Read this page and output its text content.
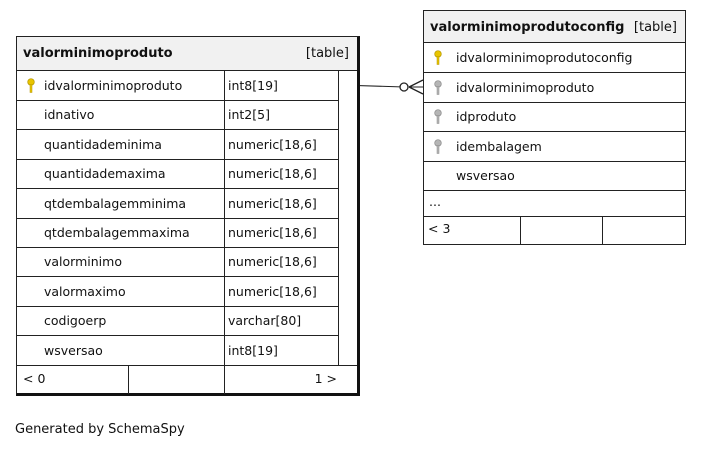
valorminimoproduto	[table]
idvalorminimoproduto	int8[19]
idnativo	int2[5]
quantidademinima	numeric[18,6]
quantidademaxima	numeric[18,6]
qtdembalagemminima	numeric[18,6]
qtdembalagemmaxima	numeric[18,6]
valorminimo	numeric[18,6]
valormaximo	numeric[18,6]
codigoerp	varchar[80]
wsversao	int8[19]
< 0	1 >
valorminimoprodutoconfig [table]
idvalorminimoprodutoconfig
idvalorminimoproduto
idproduto
idembalagem
wsversao
...
< 3
Generated by SchemaSpy
